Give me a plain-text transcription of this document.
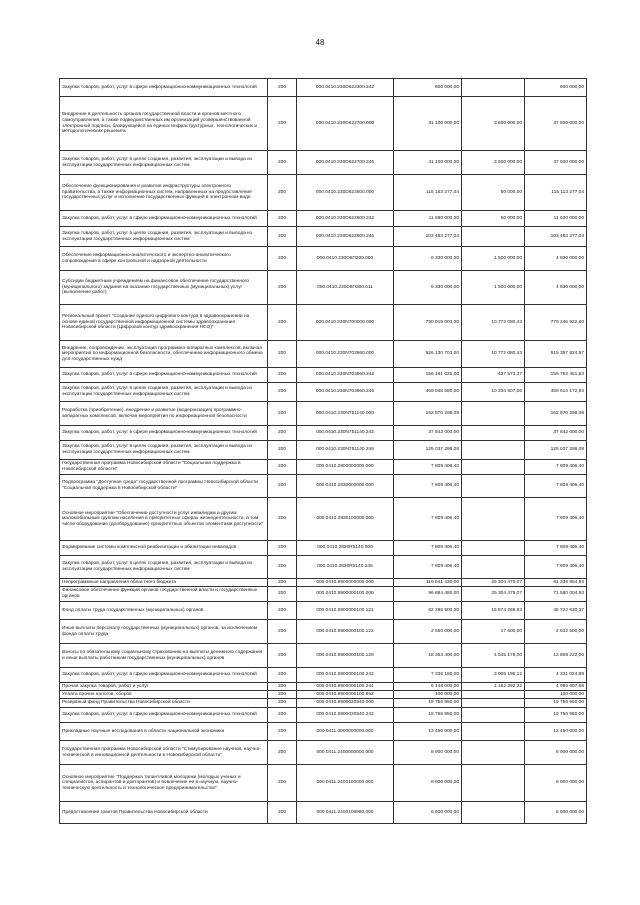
48
Закупка товаров, работ, услуг в сфере информационно-коммуникационных технологий	200	000.0410.230D622300.242	600 000,00		600 000,00
Внедрение в деятельность органов государственной власти и органов местного самоуправления, а также подведомственных им организаций усовершенствованной электронной подписи, базирующейся на единых инфраструктурных, технологических и методологических решениях	200	000.0410.230D622700.000	41 100 000,00	3 600 000,00	37 500 000,00
Закупка товаров, работ, услуг в целях создания, развития, эксплуатации и вывода из эксплуатации государственных информационных систем	200	000.0410.230D622700.246	41 100 000,00	3 600 000,00	37 500 000,00
Обеспечение функционирования и развития инфраструктуры электронного правительства, а также информационных систем, направленных на предоставление государственных услуг и исполнение государственных функций в электронном виде	200	000.0410.230D623600.000	115 163 277,04	50 000,00	115 113 277,04
Закупка товаров, работ, услуг в сфере информационно-коммуникационных технологий	200	000.0410.230D623600.242	11 680 000,00	50 000,00	11 630 000,00
Закупка товаров, работ, услуг в целях создания, развития, эксплуатации и вывода из эксплуатации государственных информационных систем	200	000.0410.230D623600.246	103 483 277,04		103 483 277,04
Обеспечение информационно-аналитического и экспертно-аналитического сопровождения в сфере контрольной и надзорной деятельности	200	000.0410.230D6П300.000	6 330 000,00	1 500 000,00	4 830 000,00
Субсидии бюджетным учреждениям на финансовое обеспечение государственного (муниципального) задания на оказание государственных (муниципальных) услуг (выполнение работ)	200	000.0410.230D6П300.611	6 330 000,00	1 500 000,00	4 830 000,00
Региональный проект "Создание единого цифрового контура в здравоохранении на основе единой государственной информационной системы здравоохранения Новосибирской области (Цифровой контур здравоохранения НСО)"	200	000.0410.230N700000.000	790 019 003,00	10 772 080,43	779 246 922,60
Внедрение, сопровождение, эксплуатация программно-аппаратных комплексов, включая мероприятия по информационной безопасности, обеспечению информационного обмена для государственных нужд	200	000.0410.230N703960.000	626 130 703,00	10 772 080,43	615 357 824,57
Закупка товаров, работ, услуг в сфере информационно-коммуникационных технологий	200	000.0410.230N703960.242	156 191 025,00	437 573,37	155 753 451,63
Закупка товаров, работ, услуг в целях создания, развития, эксплуатации и вывода из эксплуатации государственных информационных систем	200	000.0410.230N703960.246	469 948 680,00	10 334 507,06	459 614 172,94
Разработка (приобретение), внедрение и развитие (модернизация) программно-аппаратных комплексов, включая мероприятия по информационной безопасности	200	000.0410.230N751140.000	162 870 298,08		162 870 298,08
Закупка товаров, работ, услуг в сфере информационно-коммуникационных технологий	200	000.0410.230N751140.242	37 842 000,00		37 842 000,00
Закупка товаров, работ, услуг в целях создания, развития, эксплуатации и вывода из эксплуатации государственных информационных систем	200	000.0410.230N751140.246	125 037 298,08		125 037 298,08
Государственная программа Новосибирской области "Социальная поддержка в Новосибирской области"	200	000.0410.2800000000.000	7 809 406,40		7 809 406,40
Подпрограмма "Доступная среда" государственной программы Новосибирской области "Социальная поддержка в Новосибирской области"	200	000.0410.2830000000.000	7 809 406,40		7 809 406,40
Основное мероприятие "Обеспечение доступности услуг инвалидам и другим маломобильным группам населения в приоритетных сферах жизнедеятельности, в том числе оборудование (дооборудование) приоритетных объектов элементами доступности"	200	000.0410.2830100000.000	7 809 406,40		7 809 406,40
Формирование системы комплексной реабилитации и абилитации инвалидов	200	000.0410.2830R5140.000	7 809 406,40		7 809 406,40
Закупка товаров, работ, услуг в целях создания, развития, эксплуатации и вывода из эксплуатации государственных информационных систем	200	000.0410.2830R5140.246	7 809 406,40		7 809 406,40
Непрограммные направления областного бюджета	200	000.0410.9900000000.000	116 641 430,00	25 304 475,07	91 336 954,93
Финансовое обеспечение функций органов государственной власти и государственных органов	200	000.0410.9900000100.000	96 884 480,00	25 304 475,07	71 580 004,93
Фонд оплаты труда государственных (муниципальных) органов	200	000.0410.9900000100.121	62 296 900,00	16 574 269,63	45 722 630,37
Иные выплаты персоналу государственных (муниципальных) органов, за исключением фонда оплаты труда	200	000.0410.9900000100.122	2 650 000,00	17 500,00	2 632 500,00
Взносы по обязательному социальному страхованию на выплаты денежного содержания и иные выплаты работникам государственных (муниципальных) органов	200	000.0410.9900000100.129	18 353 400,00	4 545 178,00	13 808 222,00
Закупка товаров, работ, услуг в сфере информационно-коммуникационных технологий	200	000.0410.9900000100.242	7 336 180,00	3 005 195,12	4 331 024,88
Прочая закупка товаров, работ и услуг	200	000.0410.9900000100.244	6 148 000,00	1 162 392,32	4 985 607,68
Уплата прочих налогов, сборов	200	000.0410.9900000100.852	100 000,00		100 000,00
Резервный фонд Правительства Новосибирской области	200	000.0410.9900020540.000	19 756 950,00		19 756 950,00
Закупка товаров, работ, услуг в сфере информационно-коммуникационных технологий	200	000.0410.9900020540.242	19 756 950,00		19 756 950,00
Прикладные научные исследования в области национальной экономики	200	000.0411.0000000000.000	13 450 000,00		13 450 000,00
Государственная программа Новосибирской области "Стимулирование научной, научно-технической и инновационной деятельности в Новосибирской области"	200	000.0411.2400000000.000	8 900 000,00		8 900 000,00
Основное мероприятие "Поддержка талантливой молодежи (молодых ученых и специалистов, аспирантов и докторантов) и вовлечение ее в научную, научно-техническую деятельность и технологическое предпринимательство"	200	000.0411.2400100000.000	8 900 000,00		8 900 000,00
Предоставление грантов Правительства Новосибирской области	200	000.0411.2400106980.000	6 600 000,00		6 600 000,00
